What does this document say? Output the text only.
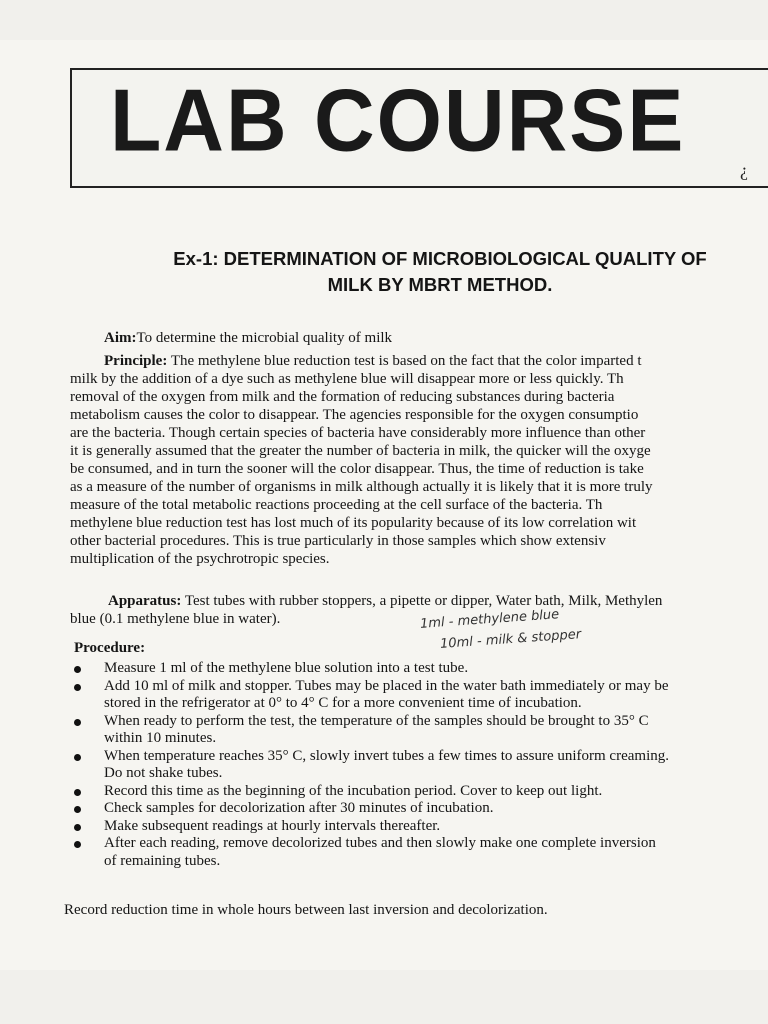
LAB COURSE
¿
Ex-1: DETERMINATION OF MICROBIOLOGICAL QUALITY OF
MILK BY MBRT METHOD.
Aim:To determine the microbial quality of milk
Principle: The methylene blue reduction test is based on the fact that the color imparted t
milk by the addition of a dye such as methylene blue will disappear more or less quickly. Th
removal of the oxygen from milk and the formation of reducing substances during bacteria
metabolism causes the color to disappear. The agencies responsible for the oxygen consumptio
are the bacteria. Though certain species of bacteria have considerably more influence than other
it is generally assumed that the greater the number of bacteria in milk, the quicker will the oxyge
be consumed, and in turn the sooner will the color disappear. Thus, the time of reduction is take
as a measure of the number of organisms in milk although actually it is likely that it is more truly
measure of the total metabolic reactions proceeding at the cell surface of the bacteria. Th
methylene blue reduction test has lost much of its popularity because of its low correlation wit
other bacterial procedures. This is true particularly in those samples which show extensiv
multiplication of the psychrotropic species.
Apparatus: Test tubes with rubber stoppers, a pipette or dipper, Water bath, Milk, Methylen
blue (0.1 methylene blue in water).	1ml - methylene blue
10ml - milk & stopper
Procedure:
Measure 1 ml of the methylene blue solution into a test tube.
Add 10 ml of milk and stopper. Tubes may be placed in the water bath immediately or may be
stored in the refrigerator at 0° to 4° C for a more convenient time of incubation.
When ready to perform the test, the temperature of the samples should be brought to 35° C
within 10 minutes.
When temperature reaches 35° C, slowly invert tubes a few times to assure uniform creaming.
Do not shake tubes.
Record this time as the beginning of the incubation period. Cover to keep out light.
Check samples for decolorization after 30 minutes of incubation.
Make subsequent readings at hourly intervals thereafter.
After each reading, remove decolorized tubes and then slowly make one complete inversion
of remaining tubes.
Record reduction time in whole hours between last inversion and decolorization.
